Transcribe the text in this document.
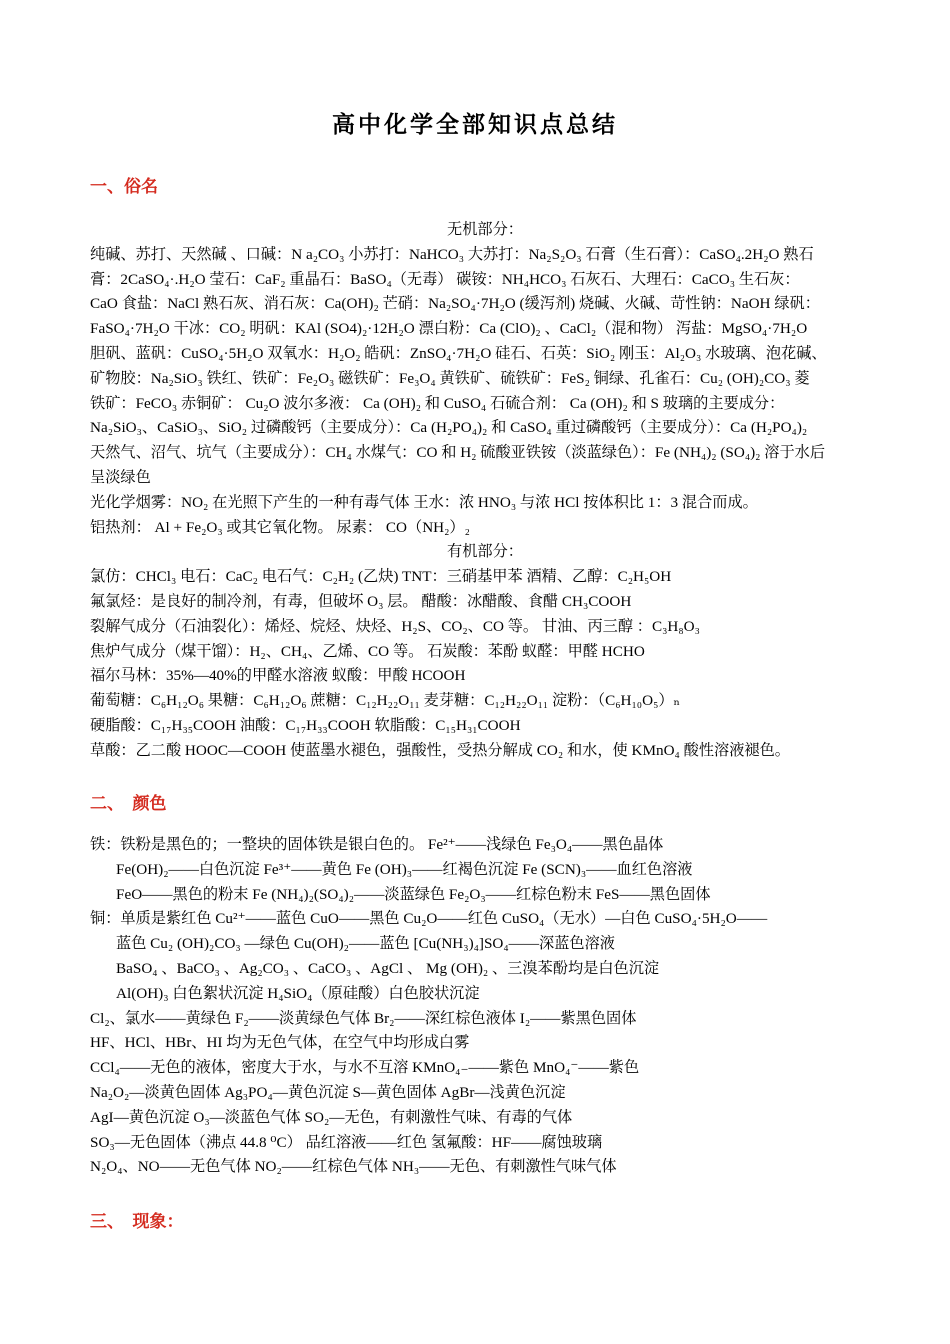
高中化学全部知识点总结
一、俗名
无机部分：
纯碱、苏打、天然碱 、口碱：N a₂CO₃ 小苏打：NaHCO₃ 大苏打：Na₂S₂O₃ 石膏（生石膏）：CaSO₄.2H₂O 熟石
膏：2CaSO₄·.H₂O 莹石：CaF₂ 重晶石：BaSO₄（无毒） 碳铵：NH₄HCO₃ 石灰石、大理石：CaCO₃ 生石灰：
CaO 食盐：NaCl 熟石灰、消石灰：Ca(OH)₂ 芒硝：Na₂SO₄·7H₂O (缓泻剂) 烧碱、火碱、苛性钠：NaOH 绿矾：
FaSO₄·7H₂O 干冰：CO₂ 明矾：KAl (SO4)₂·12H₂O 漂白粉：Ca (ClO)₂ 、CaCl₂（混和物） 泻盐：MgSO₄·7H₂O
胆矾、蓝矾：CuSO₄·5H₂O 双氧水：H₂O₂ 皓矾：ZnSO₄·7H₂O 硅石、石英：SiO₂ 刚玉：Al₂O₃ 水玻璃、泡花碱、
矿物胶：Na₂SiO₃ 铁红、铁矿：Fe₂O₃ 磁铁矿：Fe₃O₄ 黄铁矿、硫铁矿：FeS₂ 铜绿、孔雀石：Cu₂ (OH)₂CO₃ 菱
铁矿：FeCO₃ 赤铜矿： Cu₂O 波尔多液： Ca (OH)₂ 和 CuSO₄ 石硫合剂： Ca (OH)₂ 和 S 玻璃的主要成分：
Na₂SiO₃、CaSiO₃、SiO₂ 过磷酸钙（主要成分）：Ca (H₂PO₄)₂ 和 CaSO₄ 重过磷酸钙（主要成分）：Ca (H₂PO₄)₂
天然气、沼气、坑气（主要成分）：CH₄ 水煤气：CO 和 H₂ 硫酸亚铁铵（淡蓝绿色）：Fe (NH₄)₂ (SO₄)₂ 溶于水后
呈淡绿色
光化学烟雾：NO₂ 在光照下产生的一种有毒气体 王水：浓 HNO₃ 与浓 HCl 按体积比 1：3 混合而成。
铝热剂： Al + Fe₂O₃ 或其它氧化物。 尿素： CO（NH₂）₂
有机部分：
氯仿：CHCl₃ 电石：CaC₂ 电石气：C₂H₂ (乙炔) TNT：三硝基甲苯 酒精、乙醇：C₂H₅OH
氟氯烃：是良好的制冷剂，有毒，但破坏 O₃ 层。 醋酸：冰醋酸、食醋 CH₃COOH
裂解气成分（石油裂化）：烯烃、烷烃、炔烃、H₂S、CO₂、CO 等。 甘油、丙三醇 ：C₃H₈O₃
焦炉气成分（煤干馏）：H₂、CH₄、乙烯、CO 等。 石炭酸：苯酚 蚁醛：甲醛 HCHO
福尔马林：35%—40%的甲醛水溶液 蚁酸：甲酸 HCOOH
葡萄糖：C₆H₁₂O₆ 果糖：C₆H₁₂O₆ 蔗糖：C₁₂H₂₂O₁₁ 麦芽糖：C₁₂H₂₂O₁₁ 淀粉：（C₆H₁₀O₅）ₙ
硬脂酸：C₁₇H₃₅COOH 油酸：C₁₇H₃₃COOH 软脂酸：C₁₅H₃₁COOH
草酸：乙二酸 HOOC—COOH 使蓝墨水褪色，强酸性，受热分解成 CO₂ 和水，使 KMnO₄ 酸性溶液褪色。
二、  颜色
铁：铁粉是黑色的；一整块的固体铁是银白色的。 Fe²⁺——浅绿色 Fe₃O₄——黑色晶体
Fe(OH)₂——白色沉淀 Fe³⁺——黄色 Fe (OH)₃——红褐色沉淀 Fe (SCN)₃——血红色溶液
FeO——黑色的粉末 Fe (NH₄)₂(SO₄)₂——淡蓝绿色 Fe₂O₃——红棕色粉末 FeS——黑色固体
铜：单质是紫红色 Cu²⁺——蓝色 CuO——黑色 Cu₂O——红色 CuSO₄（无水）—白色 CuSO₄·5H₂O——
蓝色 Cu₂ (OH)₂CO₃ —绿色 Cu(OH)₂——蓝色 [Cu(NH₃)₄]SO₄——深蓝色溶液
BaSO₄ 、BaCO₃ 、Ag₂CO₃ 、CaCO₃ 、AgCl 、 Mg (OH)₂ 、三溴苯酚均是白色沉淀
Al(OH)₃ 白色絮状沉淀 H₄SiO₄（原硅酸）白色胶状沉淀
Cl₂、氯水——黄绿色 F₂——淡黄绿色气体 Br₂——深红棕色液体 I₂——紫黑色固体
HF、HCl、HBr、HI 均为无色气体，在空气中均形成白雾
CCl₄——无色的液体，密度大于水，与水不互溶 KMnO₄₋——紫色 MnO₄⁻——紫色
Na₂O₂—淡黄色固体 Ag₃PO₄—黄色沉淀 S—黄色固体 AgBr—浅黄色沉淀
AgI—黄色沉淀 O₃—淡蓝色气体 SO₂—无色，有刺激性气味、有毒的气体
SO₃—无色固体（沸点 44.8 ⁰C） 品红溶液——红色 氢氟酸：HF——腐蚀玻璃
N₂O₄、NO——无色气体 NO₂——红棕色气体 NH₃——无色、有刺激性气味气体
三、  现象：
